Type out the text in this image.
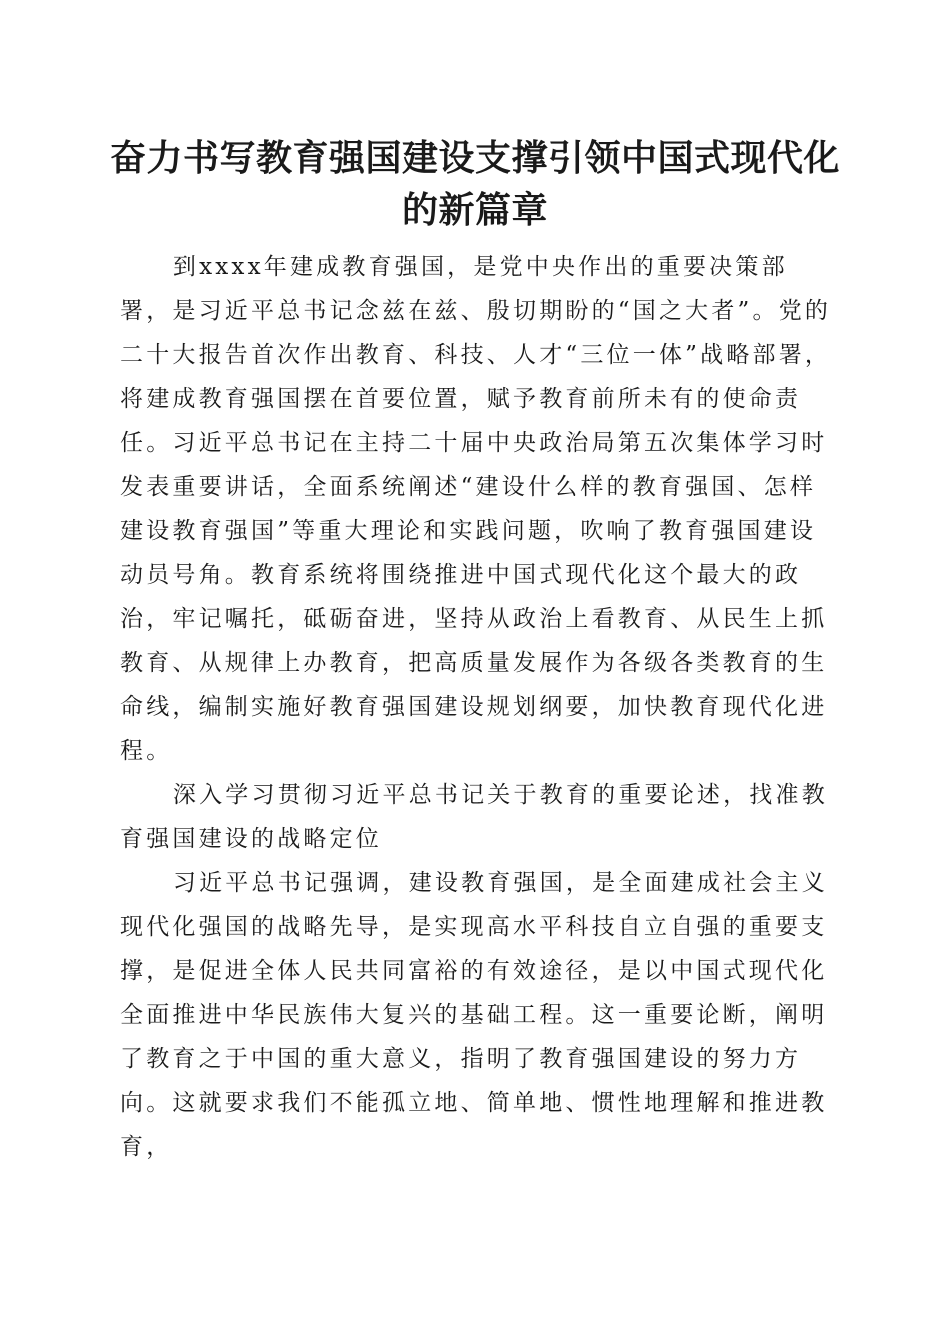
奋力书写教育强国建设支撑引领中国式现代化的新篇章

到xxxx年建成教育强国，是党中央作出的重要决策部署，是习近平总书记念兹在兹、殷切期盼的“国之大者”。党的二十大报告首次作出教育、科技、人才“三位一体”战略部署，将建成教育强国摆在首要位置，赋予教育前所未有的使命责任。习近平总书记在主持二十届中央政治局第五次集体学习时发表重要讲话，全面系统阐述“建设什么样的教育强国、怎样建设教育强国”等重大理论和实践问题，吹响了教育强国建设动员号角。教育系统将围绕推进中国式现代化这个最大的政治，牢记嘱托，砥砺奋进，坚持从政治上看教育、从民生上抓教育、从规律上办教育，把高质量发展作为各级各类教育的生命线，编制实施好教育强国建设规划纲要，加快教育现代化进程。

深入学习贯彻习近平总书记关于教育的重要论述，找准教育强国建设的战略定位

习近平总书记强调，建设教育强国，是全面建成社会主义现代化强国的战略先导，是实现高水平科技自立自强的重要支撑，是促进全体人民共同富裕的有效途径，是以中国式现代化全面推进中华民族伟大复兴的基础工程。这一重要论断，阐明了教育之于中国的重大意义，指明了教育强国建设的努力方向。这就要求我们不能孤立地、简单地、惯性地理解和推进教育，
